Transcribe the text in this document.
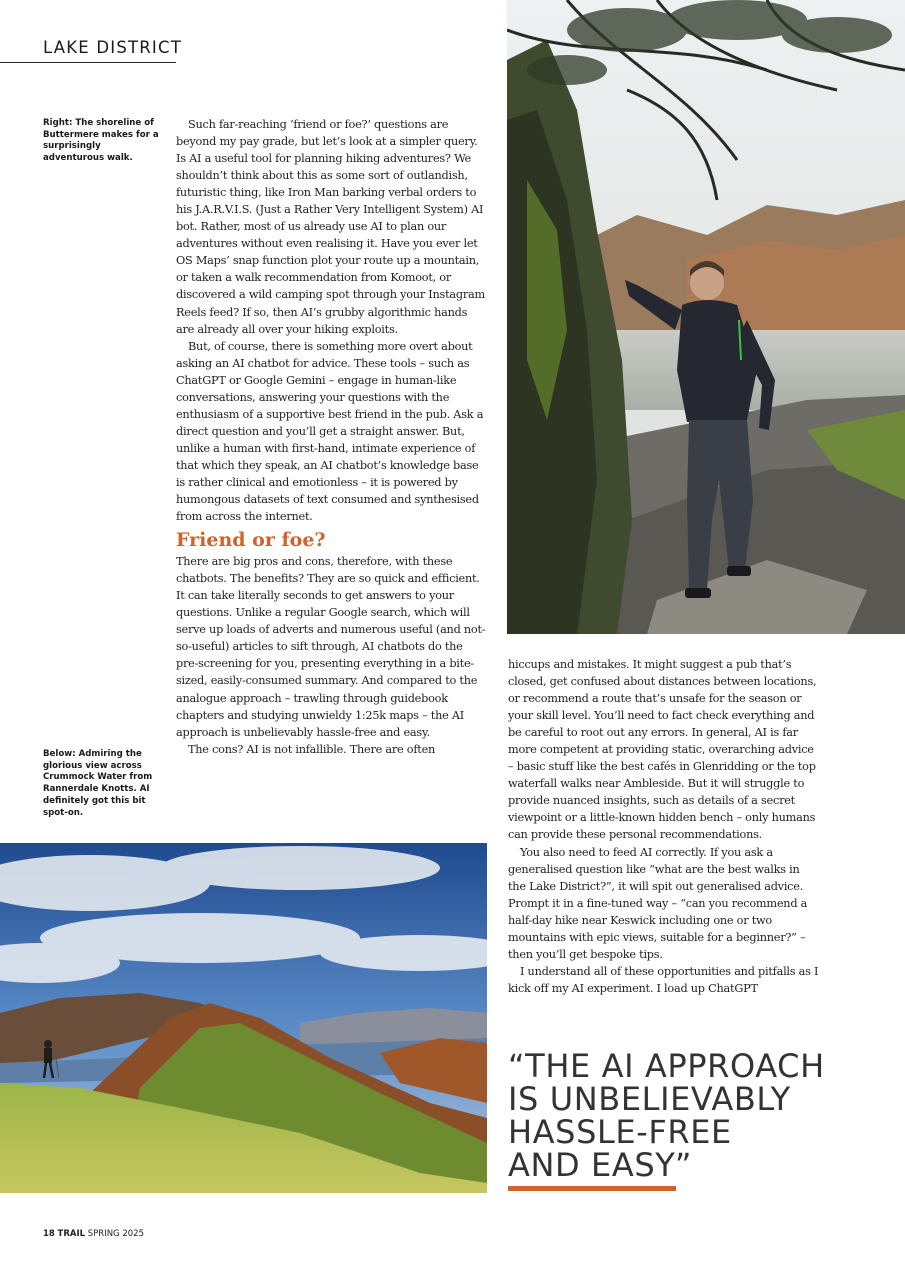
LAKE DISTRICT
Right: The shoreline of Buttermere makes for a surprisingly adventurous walk.
Below: Admiring the glorious view across Crummock Water from Rannerdale Knotts. AI definitely got this bit spot-on.

Such far-reaching ‘friend or foe?’ questions are beyond my pay grade, but let’s look at a simpler query. Is AI a useful tool for planning hiking adventures? We shouldn’t think about this as some sort of outlandish, futuristic thing, like Iron Man barking verbal orders to his J.A.R.V.I.S. (Just a Rather Very Intelligent System) AI bot. Rather, most of us already use AI to plan our adventures without even realising it. Have you ever let OS Maps’ snap function plot your route up a mountain, or taken a walk recommendation from Komoot, or discovered a wild camping spot through your Instagram Reels feed? If so, then AI’s grubby algorithmic hands are already all over your hiking exploits.

But, of course, there is something more overt about asking an AI chatbot for advice. These tools – such as ChatGPT or Google Gemini – engage in human-like conversations, answering your questions with the enthusiasm of a supportive best friend in the pub. Ask a direct question and you’ll get a straight answer. But, unlike a human with first-hand, intimate experience of that which they speak, an AI chatbot’s knowledge base is rather clinical and emotionless – it is powered by humongous datasets of text consumed and synthesised from across the internet.

Friend or foe?

There are big pros and cons, therefore, with these chatbots. The benefits? They are so quick and efficient. It can take literally seconds to get answers to your questions. Unlike a regular Google search, which will serve up loads of adverts and numerous useful (and not-so-useful) articles to sift through, AI chatbots do the pre-screening for you, presenting everything in a bite-sized, easily-consumed summary. And compared to the analogue approach – trawling through guidebook chapters and studying unwieldy 1:25k maps – the AI approach is unbelievably hassle-free and easy.

The cons? AI is not infallible. There are often

hiccups and mistakes. It might suggest a pub that’s closed, get confused about distances between locations, or recommend a route that’s unsafe for the season or your skill level. You’ll need to fact check everything and be careful to root out any errors. In general, AI is far more competent at providing static, overarching advice – basic stuff like the best cafés in Glenridding or the top waterfall walks near Ambleside. But it will struggle to provide nuanced insights, such as details of a secret viewpoint or a little-known hidden bench – only humans can provide these personal recommendations.

You also need to feed AI correctly. If you ask a generalised question like “what are the best walks in the Lake District?”, it will spit out generalised advice. Prompt it in a fine-tuned way – “can you recommend a half-day hike near Keswick including one or two mountains with epic views, suitable for a beginner?” – then you’ll get bespoke tips.

I understand all of these opportunities and pitfalls as I kick off my AI experiment. I load up ChatGPT

“THE AI APPROACH
IS UNBELIEVABLY
HASSLE-FREE
AND EASY”
18 TRAIL SPRING 2025
